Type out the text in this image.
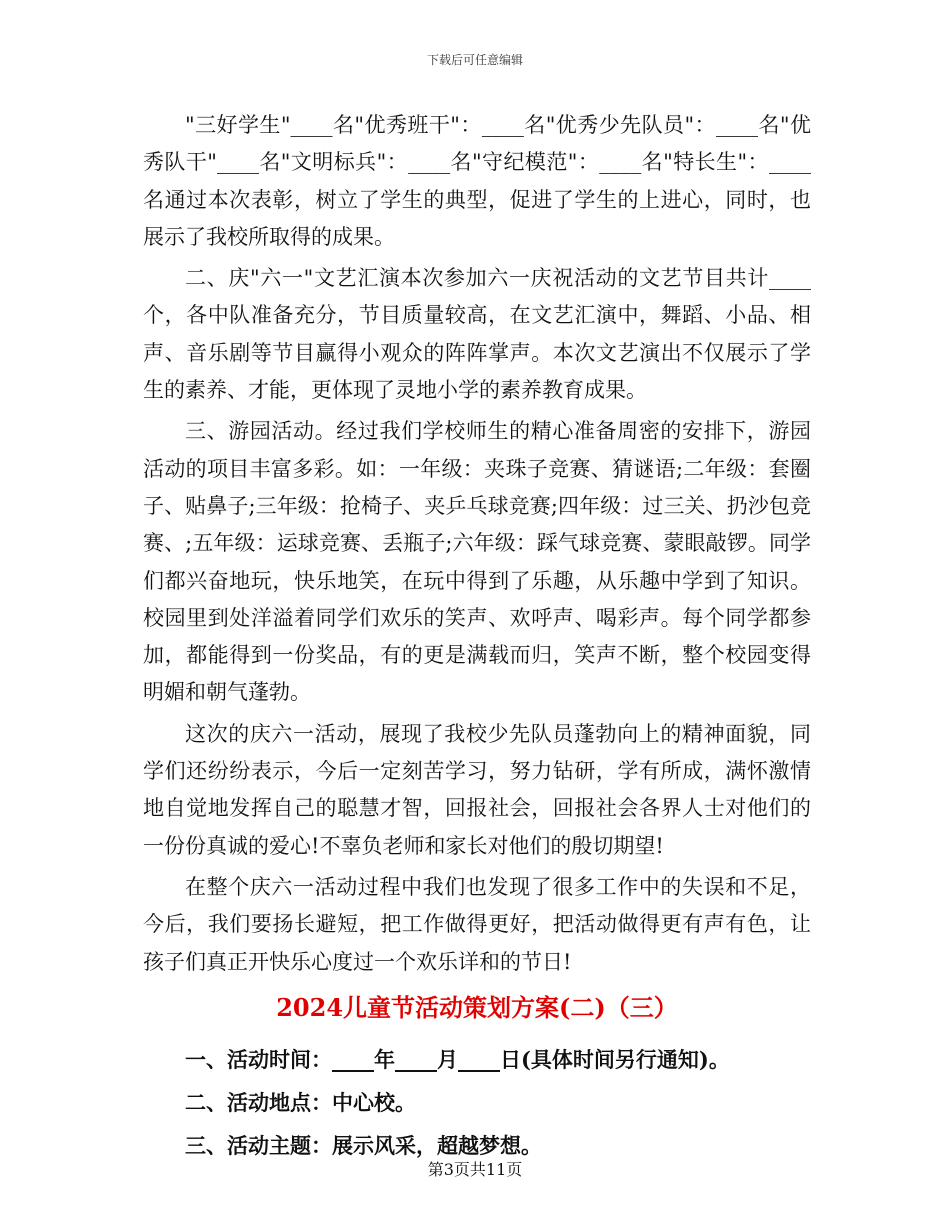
下载后可任意编辑

"三好学生"____名"优秀班干"：____名"优秀少先队员"：____名"优秀队干"____名"文明标兵"：____名"守纪模范"：____名"特长生"：____名通过本次表彰，树立了学生的典型，促进了学生的上进心，同时，也展示了我校所取得的成果。

二、庆"六一"文艺汇演本次参加六一庆祝活动的文艺节目共计____个，各中队准备充分，节目质量较高，在文艺汇演中，舞蹈、小品、相声、音乐剧等节目赢得小观众的阵阵掌声。本次文艺演出不仅展示了学生的素养、才能，更体现了灵地小学的素养教育成果。

三、游园活动。经过我们学校师生的精心准备周密的安排下，游园活动的项目丰富多彩。如：一年级：夹珠子竞赛、猜谜语;二年级：套圈子、贴鼻子;三年级：抢椅子、夹乒乓球竞赛;四年级：过三关、扔沙包竞赛、;五年级：运球竞赛、丢瓶子;六年级：踩气球竞赛、蒙眼敲锣。同学们都兴奋地玩，快乐地笑，在玩中得到了乐趣，从乐趣中学到了知识。校园里到处洋溢着同学们欢乐的笑声、欢呼声、喝彩声。每个同学都参加，都能得到一份奖品，有的更是满载而归，笑声不断，整个校园变得明媚和朝气蓬勃。

这次的庆六一活动，展现了我校少先队员蓬勃向上的精神面貌，同学们还纷纷表示，今后一定刻苦学习，努力钻研，学有所成，满怀激情地自觉地发挥自己的聪慧才智，回报社会，回报社会各界人士对他们的一份份真诚的爱心!不辜负老师和家长对他们的殷切期望!

在整个庆六一活动过程中我们也发现了很多工作中的失误和不足，今后，我们要扬长避短，把工作做得更好，把活动做得更有声有色，让孩子们真正开快乐心度过一个欢乐详和的节日!

2024儿童节活动策划方案(二)（三）

一、活动时间：____年____月____日(具体时间另行通知)。

二、活动地点：中心校。

三、活动主题：展示风采，超越梦想。

第3页共11页
